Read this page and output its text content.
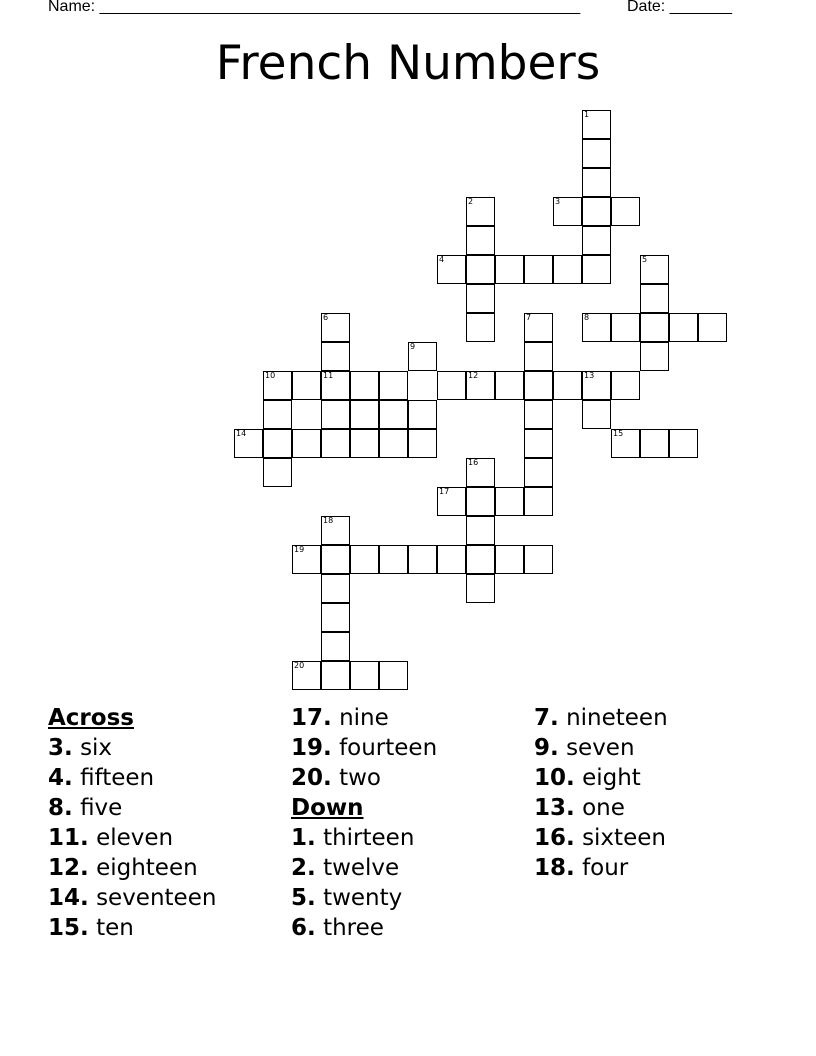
Name: ______________________________________________________	Date: _______
French Numbers
1
2	3
4	5
6	7	8
9
10	11	12	13
14	15
16
17
18
19
20
Across
3. six
4. fifteen
8. five
11. eleven
12. eighteen
14. seventeen
15. ten
17. nine
19. fourteen
20. two
Down
1. thirteen
2. twelve
5. twenty
6. three
7. nineteen
9. seven
10. eight
13. one
16. sixteen
18. four
